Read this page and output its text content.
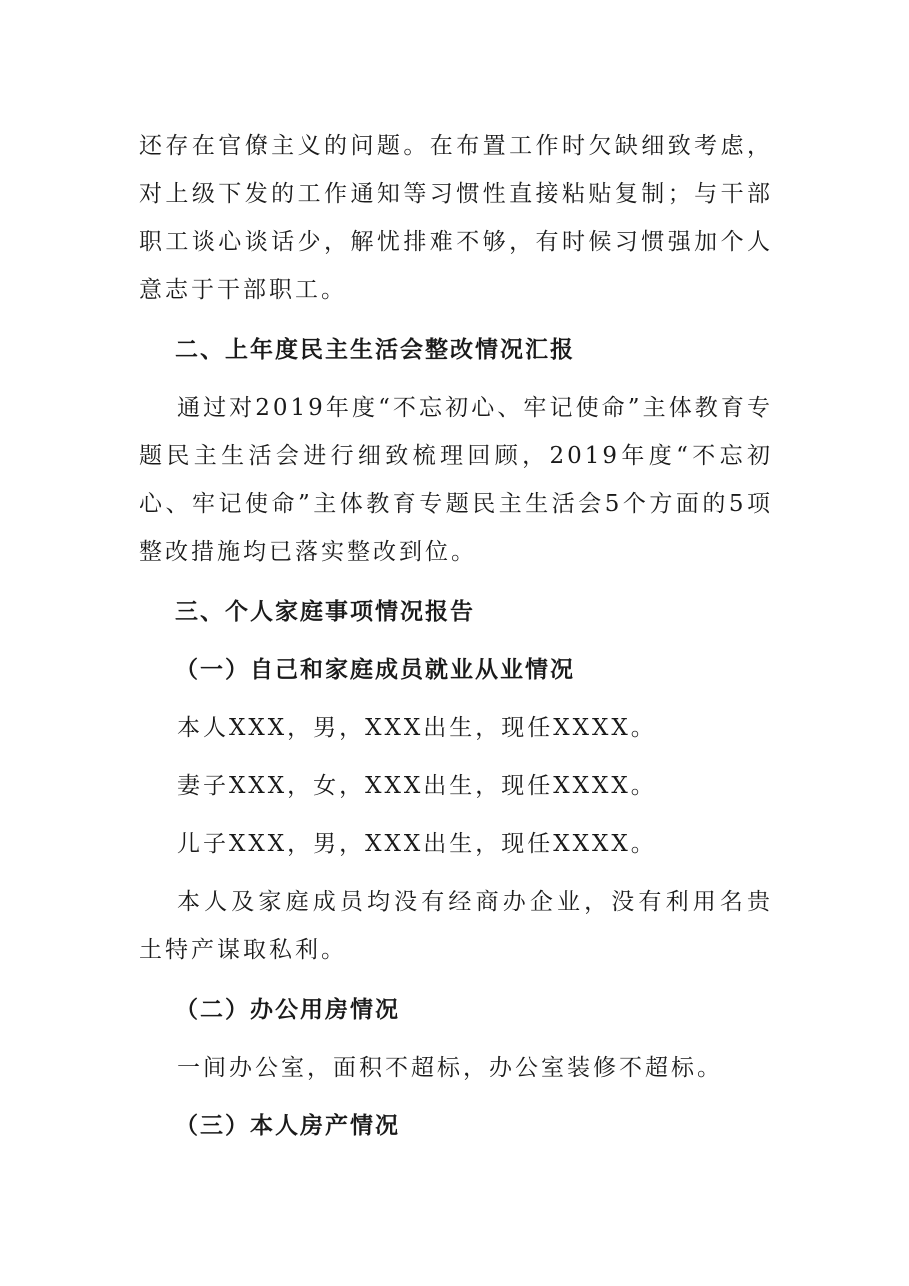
还存在官僚主义的问题。在布置工作时欠缺细致考虑，对上级下发的工作通知等习惯性直接粘贴复制；与干部职工谈心谈话少，解忧排难不够，有时候习惯强加个人意志于干部职工。

二、上年度民主生活会整改情况汇报

通过对2019年度“不忘初心、牢记使命”主体教育专题民主生活会进行细致梳理回顾，2019年度“不忘初心、牢记使命”主体教育专题民主生活会5个方面的5项整改措施均已落实整改到位。

三、个人家庭事项情况报告

（一）自己和家庭成员就业从业情况

本人XXX，男，XXX出生，现任XXXX。

妻子XXX，女，XXX出生，现任XXXX。

儿子XXX，男，XXX出生，现任XXXX。

本人及家庭成员均没有经商办企业，没有利用名贵土特产谋取私利。

（二）办公用房情况

一间办公室，面积不超标，办公室装修不超标。

（三）本人房产情况
